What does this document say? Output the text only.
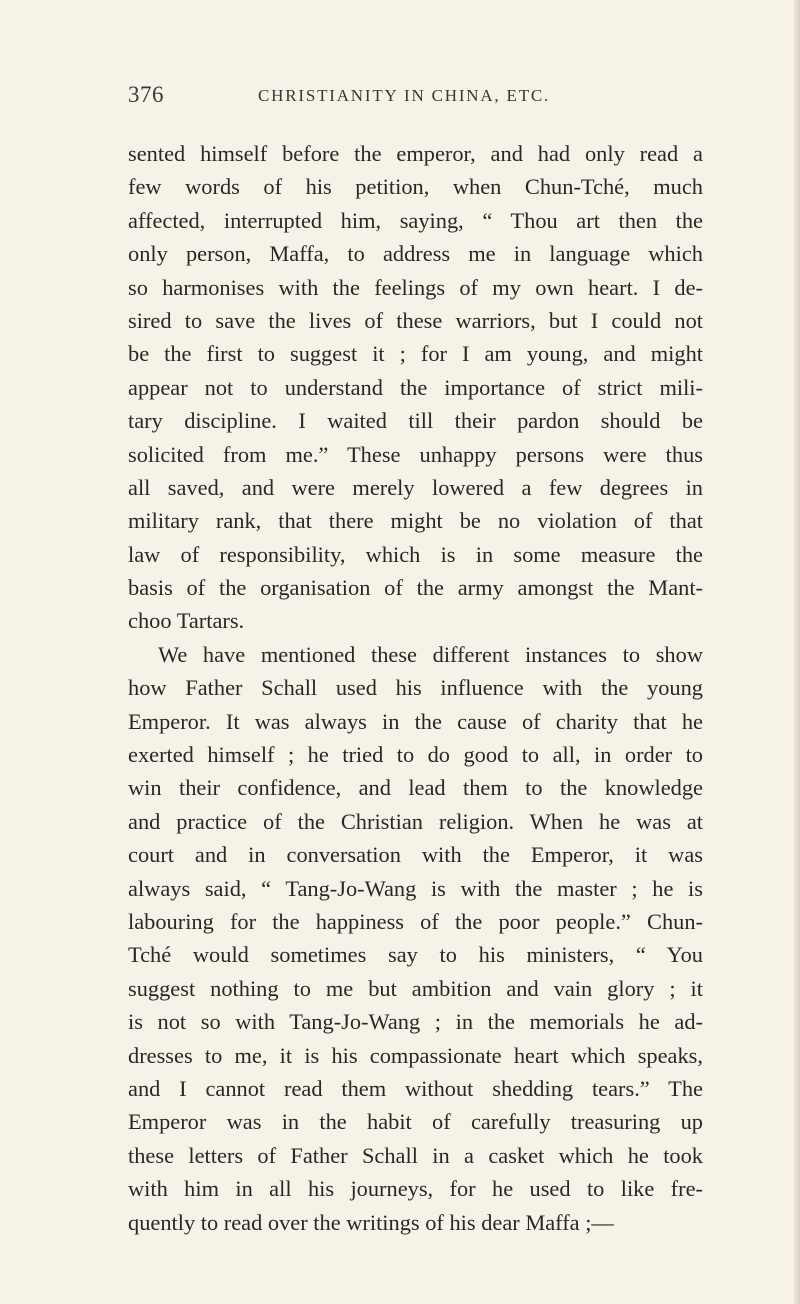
376	CHRISTIANITY IN CHINA, ETC.
sented himself before the emperor, and had only read a
few words of his petition, when Chun-Tché, much
affected, interrupted him, saying, “ Thou art then the
only person, Maffa, to address me in language which
so harmonises with the feelings of my own heart. I de-
sired to save the lives of these warriors, but I could not
be the first to suggest it ; for I am young, and might
appear not to understand the importance of strict mili-
tary discipline. I waited till their pardon should be
solicited from me.” These unhappy persons were thus
all saved, and were merely lowered a few degrees in
military rank, that there might be no violation of that
law of responsibility, which is in some measure the
basis of the organisation of the army amongst the Mant-
choo Tartars.
We have mentioned these different instances to show
how Father Schall used his influence with the young
Emperor. It was always in the cause of charity that he
exerted himself ; he tried to do good to all, in order to
win their confidence, and lead them to the knowledge
and practice of the Christian religion. When he was at
court and in conversation with the Emperor, it was
always said, “ Tang-Jo-Wang is with the master ; he is
labouring for the happiness of the poor people.” Chun-
Tché would sometimes say to his ministers, “ You
suggest nothing to me but ambition and vain glory ; it
is not so with Tang-Jo-Wang ; in the memorials he ad-
dresses to me, it is his compassionate heart which speaks,
and I cannot read them without shedding tears.” The
Emperor was in the habit of carefully treasuring up
these letters of Father Schall in a casket which he took
with him in all his journeys, for he used to like fre-
quently to read over the writings of his dear Maffa ;—
